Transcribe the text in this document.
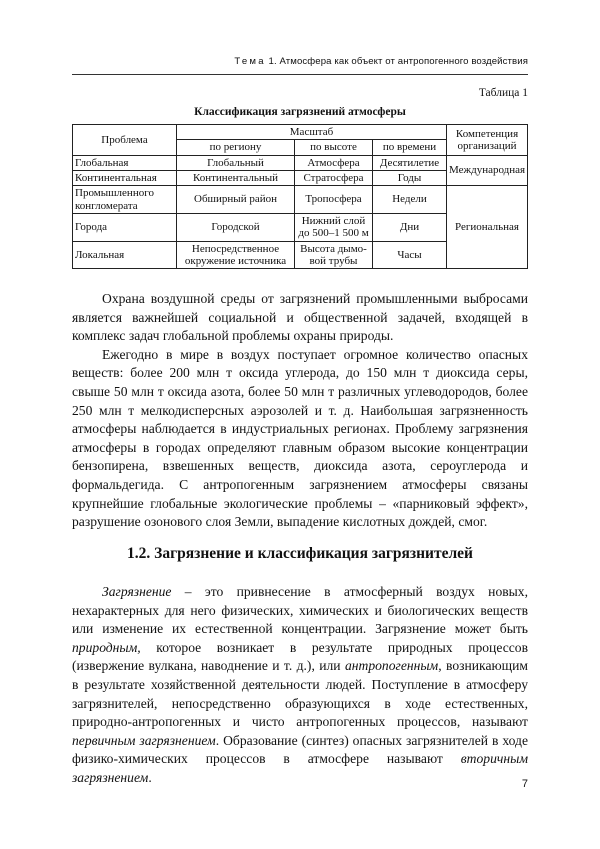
Тема 1. Атмосфера как объект от антропогенного воздействия
Таблица 1
Классификация загрязнений атмосферы
Проблема	Масштаб			Компетенция организаций
	по региону	по высоте	по времени	
Глобальная	Глобальный	Атмосфера	Десятилетие	Международная
Континентальная	Континентальный	Стратосфера	Годы	
Промышленного конгломерата	Обширный район	Тропосфера	Недели	Региональная
Города	Городской	Нижний слой до 500–1 500 м	Дни	
Локальная	Непосредственное окружение источника	Высота дымо-вой трубы	Часы	

Охрана воздушной среды от загрязнений промышленными выбросами является важнейшей социальной и общественной задачей, входящей в комплекс задач глобальной проблемы охраны природы.

Ежегодно в мире в воздух поступает огромное количество опасных веществ: более 200 млн т оксида углерода, до 150 млн т диоксида серы, свыше 50 млн т оксида азота, более 50 млн т различных углеводородов, более 250 млн т мелкодисперсных аэрозолей и т. д. Наибольшая загрязненность атмосферы наблюдается в индустриальных регионах. Проблему загрязнения атмосферы в городах определяют главным образом высокие концентрации бензопирена, взвешенных веществ, диоксида азота, сероуглерода и формальдегида. С антропогенным загрязнением атмосферы связаны крупнейшие глобальные экологические проблемы – «парниковый эффект», разрушение озонового слоя Земли, выпадение кислотных дождей, смог.

1.2. Загрязнение и классификация загрязнителей

Загрязнение – это привнесение в атмосферный воздух новых, нехарактерных для него физических, химических и биологических веществ или изменение их естественной концентрации. Загрязнение может быть природным, которое возникает в результате природных процессов (извержение вулкана, наводнение и т. д.), или антропогенным, возникающим в результате хозяйственной деятельности людей. Поступление в атмосферу загрязнителей, непосредственно образующихся в ходе естественных, природно-антропогенных и чисто антропогенных процессов, называют первичным загрязнением. Образование (синтез) опасных загрязнителей в ходе физико-химических процессов в атмосфере называют вторичным загрязнением.	7
